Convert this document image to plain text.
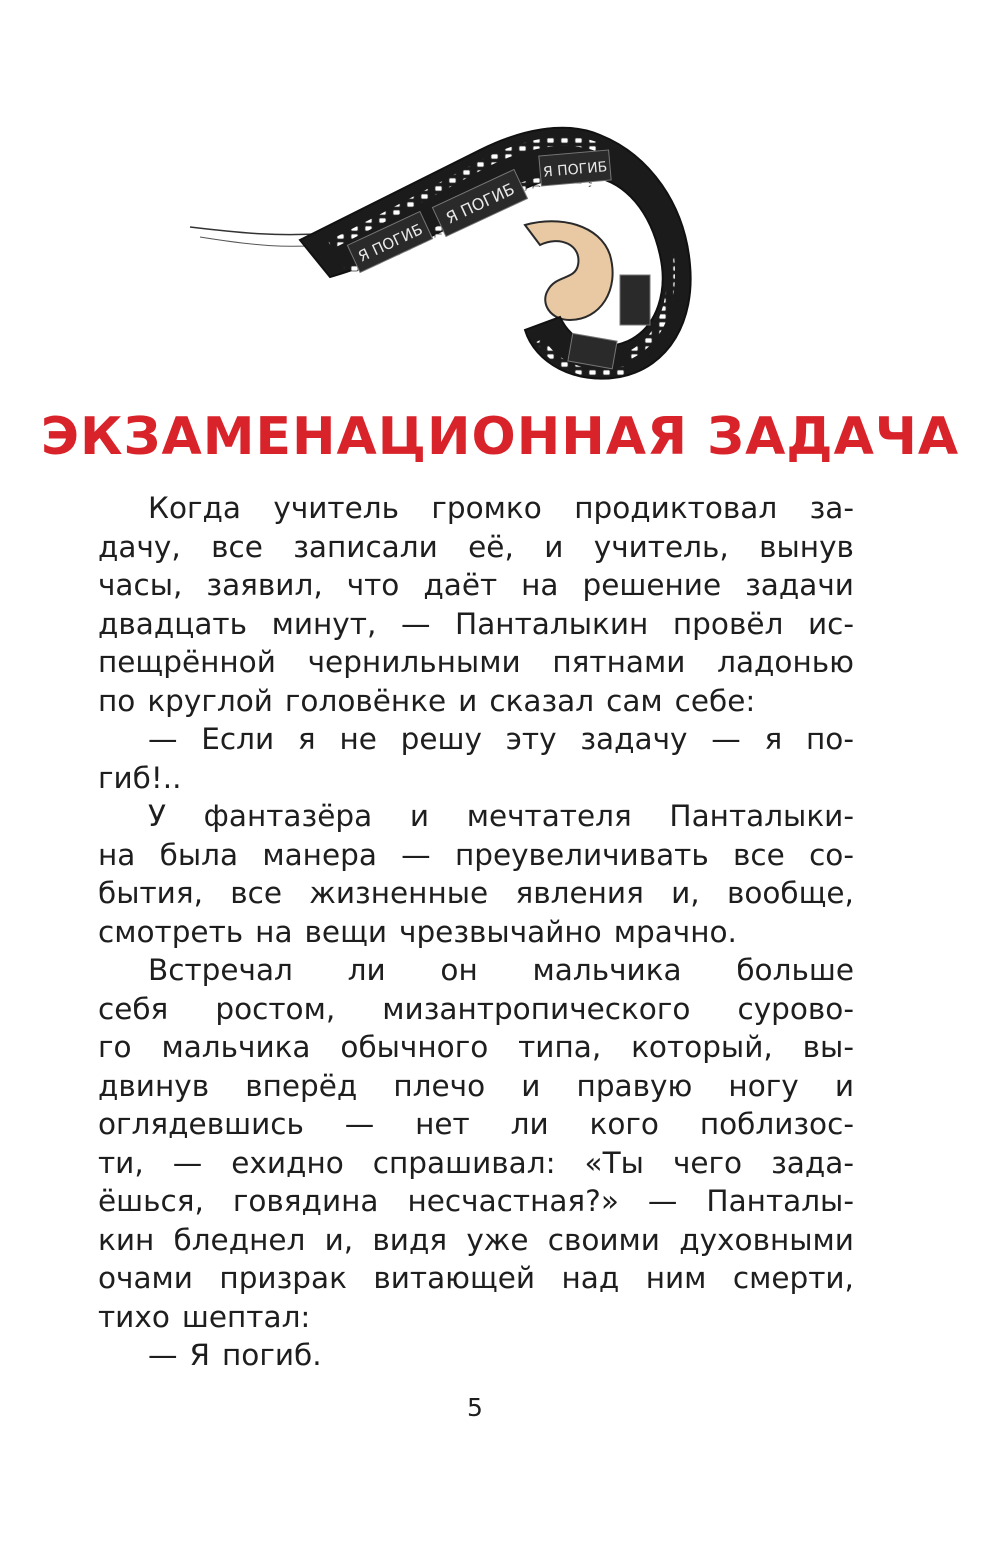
Я ПОГИБ
Я ПОГИБ
Я ПОГИБ
ЭКЗАМЕНАЦИОННАЯ ЗАДАЧА
Когда учитель громко продиктовал за-
дачу, все записали её, и учитель, вынув
часы, заявил, что даёт на решение задачи
двадцать минут, — Панталыкин провёл ис-
пещрённой чернильными пятнами ладонью
по круглой головёнке и сказал сам себе:
— Если я не решу эту задачу — я по-
гиб!..
У фантазёра и мечтателя Панталыки-
на была манера — преувеличивать все со-
бытия, все жизненные явления и, вообще,
смотреть на вещи чрезвычайно мрачно.
Встречал ли он мальчика больше
себя ростом, мизантропического сурово-
го мальчика обычного типа, который, вы-
двинув вперёд плечо и правую ногу и
оглядевшись — нет ли кого поблизос-
ти, — ехидно спрашивал: «Ты чего зада-
ёшься, говядина несчастная?» — Панталы-
кин бледнел и, видя уже своими духовными
очами призрак витающей над ним смерти,
тихо шептал:
— Я погиб.
5
